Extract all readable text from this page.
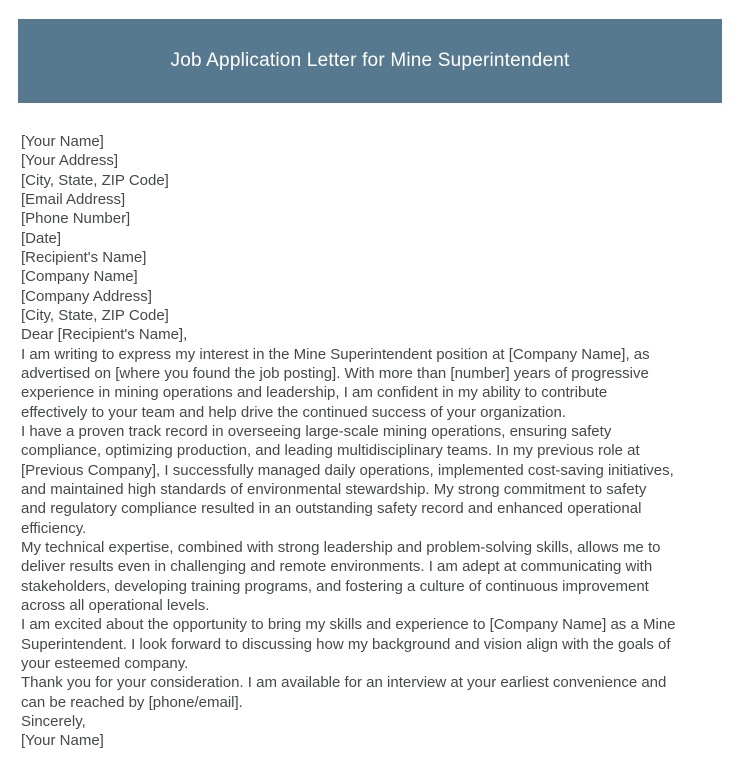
Job Application Letter for Mine Superintendent
[Your Name]
[Your Address]
[City, State, ZIP Code]
[Email Address]
[Phone Number]
[Date]
[Recipient's Name]
[Company Name]
[Company Address]
[City, State, ZIP Code]
Dear [Recipient's Name],
I am writing to express my interest in the Mine Superintendent position at [Company Name], as
advertised on [where you found the job posting]. With more than [number] years of progressive
experience in mining operations and leadership, I am confident in my ability to contribute
effectively to your team and help drive the continued success of your organization.
I have a proven track record in overseeing large-scale mining operations, ensuring safety
compliance, optimizing production, and leading multidisciplinary teams. In my previous role at
[Previous Company], I successfully managed daily operations, implemented cost-saving initiatives,
and maintained high standards of environmental stewardship. My strong commitment to safety
and regulatory compliance resulted in an outstanding safety record and enhanced operational
efficiency.
My technical expertise, combined with strong leadership and problem-solving skills, allows me to
deliver results even in challenging and remote environments. I am adept at communicating with
stakeholders, developing training programs, and fostering a culture of continuous improvement
across all operational levels.
I am excited about the opportunity to bring my skills and experience to [Company Name] as a Mine
Superintendent. I look forward to discussing how my background and vision align with the goals of
your esteemed company.
Thank you for your consideration. I am available for an interview at your earliest convenience and
can be reached by [phone/email].
Sincerely,
[Your Name]
